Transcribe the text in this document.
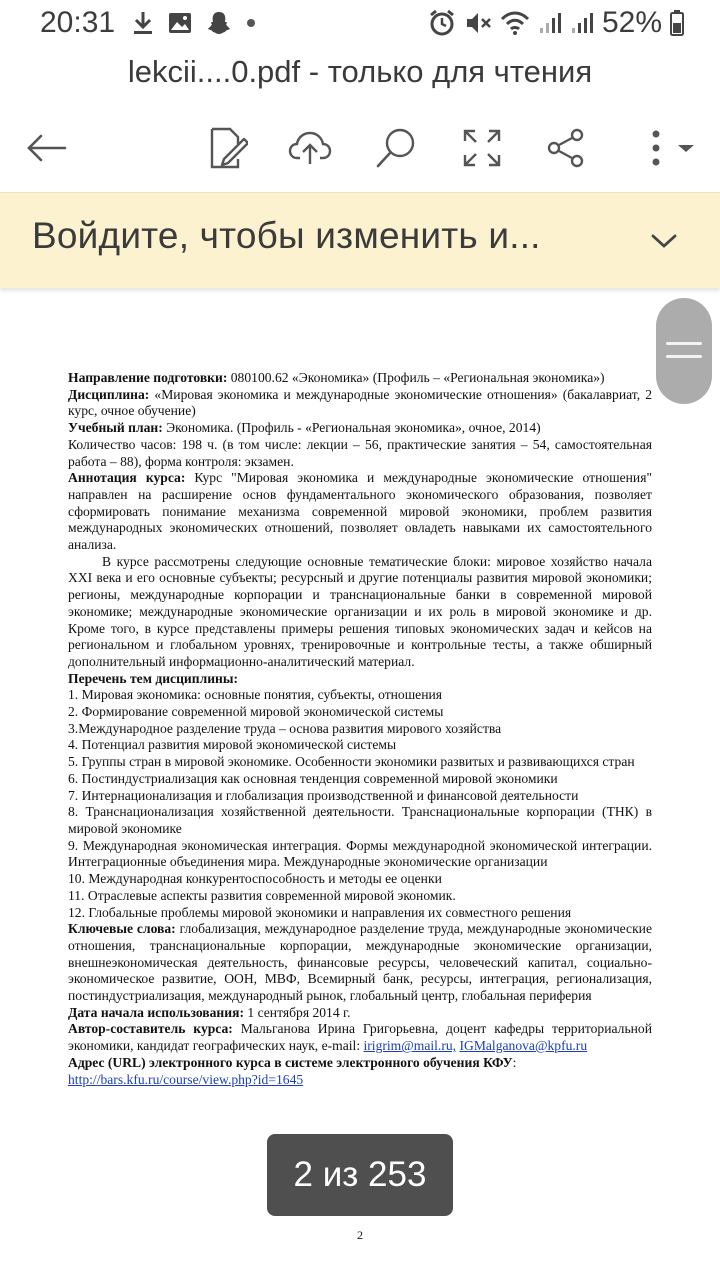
20:31	52%
lekcii....0.pdf - только для чтения
Войдите, чтобы изменить и...

Направление подготовки: 080100.62 «Экономика» (Профиль – «Региональная экономика»)

Дисциплина: «Мировая экономика и международные экономические отношения» (бакалавриат, 2 курс, очное обучение)

Учебный план: Экономика. (Профиль - «Региональная экономика», очное, 2014)

Количество часов: 198 ч. (в том числе: лекции – 56, практические занятия – 54, самостоятельная работа – 88), форма контроля: экзамен.

Аннотация курса: Курс "Мировая экономика и международные экономические отношения" направлен на расширение основ фундаментального экономического образования, позволяет сформировать понимание механизма современной мировой экономики, проблем развития международных экономических отношений, позволяет овладеть навыками их самостоятельного анализа.

В курсе рассмотрены следующие основные тематические блоки: мировое хозяйство начала XXI века и его основные субъекты; ресурсный и другие потенциалы развития мировой экономики; регионы, международные корпорации и транснациональные банки в современной мировой экономике; международные экономические организации и их роль в мировой экономике и др. Кроме того, в курсе представлены примеры решения типовых экономических задач и кейсов на региональном и глобальном уровнях, тренировочные и контрольные тесты, а также обширный дополнительный информационно-аналитический материал.

Перечень тем дисциплины:

1. Мировая экономика: основные понятия, субъекты, отношения

2. Формирование современной мировой экономической системы

3.Международное разделение труда – основа развития мирового хозяйства

4. Потенциал развития мировой экономической системы

5. Группы стран в мировой экономике. Особенности экономики развитых и развивающихся стран

6. Постиндустриализация как основная тенденция современной мировой экономики

7. Интернационализация и глобализация производственной и финансовой деятельности

8. Транснационализация хозяйственной деятельности. Транснациональные корпорации (ТНК) в мировой экономике

9. Международная экономическая интеграция. Формы международной экономической интеграции. Интеграционные объединения мира. Международные экономические организации

10. Международная конкурентоспособность и методы ее оценки

11. Отраслевые аспекты развития современной мировой экономик.

12. Глобальные проблемы мировой экономики и направления их совместного решения

Ключевые слова: глобализация, международное разделение труда, международные экономические отношения, транснациональные корпорации, международные экономические организации, внешнеэкономическая деятельность, финансовые ресурсы, человеческий капитал, социально-экономическое развитие, ООН, МВФ, Всемирный банк, ресурсы, интеграция, регионализация, постиндустриализация, международный рынок, глобальный центр, глобальная периферия

Дата начала использования: 1 сентября 2014 г.

Автор-составитель курса: Мальганова Ирина Григорьевна, доцент кафедры территориальной экономики, кандидат географических наук, e-mail: irigrim@mail.ru, IGMalganova@kpfu.ru

Адрес (URL) электронного курса в системе электронного обучения КФУ:
http://bars.kfu.ru/course/view.php?id=1645

2
2 из 253
